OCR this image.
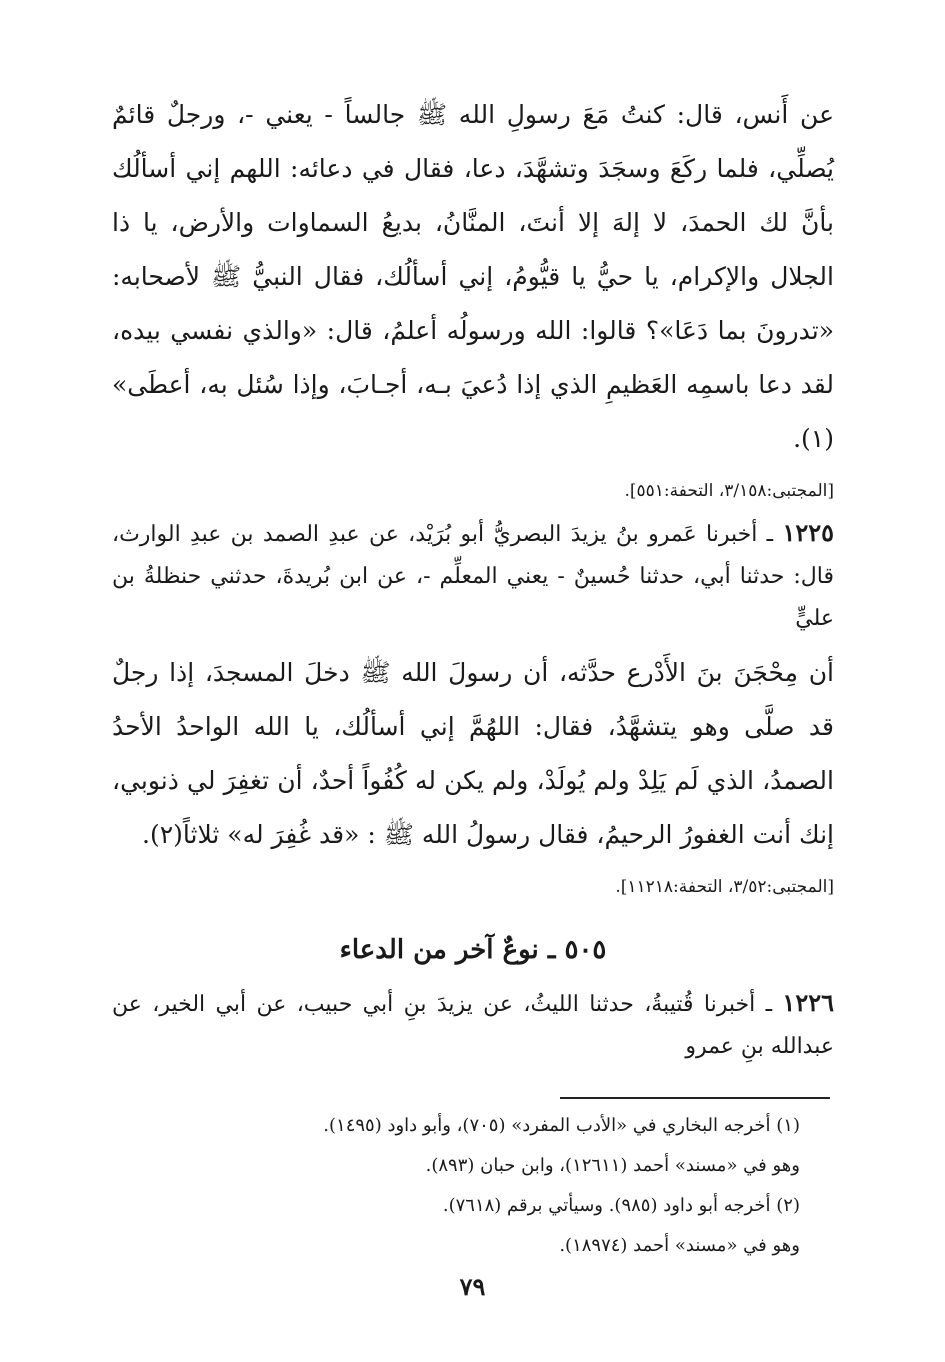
عن أَنس، قال: كنتُ مَعَ رسولِ الله ﷺ جالساً - يعني -، ورجلٌ قائمٌ يُصلِّي، فلما ركَعَ وسجَدَ وتشهَّدَ، دعا، فقال في دعائه: اللهم إني أسألُك بأنَّ لك الحمدَ، لا إلهَ إلا أنتَ، المنَّانُ، بديعُ السماوات والأرض، يا ذا الجلال والإكرام، يا حيُّ يا قيُّومُ، إني أسألُك، فقال النبيُّ ﷺ لأصحابه: «تدرونَ بما دَعَا»؟ قالوا: الله ورسولُه أعلمُ، قال: «والذي نفسي بيده، لقد دعا باسمِه العَظيمِ الذي إذا دُعيَ بـه، أجـابَ، وإذا سُئل به، أعطَى» (١).

[المجتبى:٣/١٥٨، التحفة:٥٥١].

١٢٢٥ ـ أخبرنا عَمرو بنُ يزيدَ البصريُّ أبو بُرَيْد، عن عبدِ الصمد بن عبدِ الوارث، قال: حدثنا أبي، حدثنا حُسينٌ - يعني المعلِّم -، عن ابن بُريدةَ، حدثني حنظلةُ بن عليٍّ

أن مِحْجَنَ بنَ الأَدْرع حدَّثه، أن رسولَ الله ﷺ دخلَ المسجدَ، إذا رجلٌ قد صلَّى وهو يتشهَّدُ، فقال: اللهُمَّ إني أسألُك، يا الله الواحدُ الأحدُ الصمدُ، الذي لَم يَلِدْ ولم يُولَدْ، ولم يكن له كُفُواً أحدٌ، أن تغفِرَ لي ذنوبي، إنك أنت الغفورُ الرحيمُ، فقال رسولُ الله ﷺ : «قد غُفِرَ له» ثلاثاً(٢).

[المجتبى:٣/٥٢، التحفة:١١٢١٨].

٥٠٥ ـ نوعٌ آخر من الدعاء

١٢٢٦ ـ أخبرنا قُتيبةُ، حدثنا الليثُ، عن يزيدَ بنِ أبي حبيب، عن أبي الخير، عن عبدالله بنِ عمرو

(١) أخرجه البخاري في «الأدب المفرد» (٧٠٥)، وأبو داود (١٤٩٥).

وهو في «مسند» أحمد (١٢٦١١)، وابن حبان (٨٩٣).

(٢) أخرجه أبو داود (٩٨٥). وسيأتي برقم (٧٦١٨).

وهو في «مسند» أحمد (١٨٩٧٤).

٧٩
